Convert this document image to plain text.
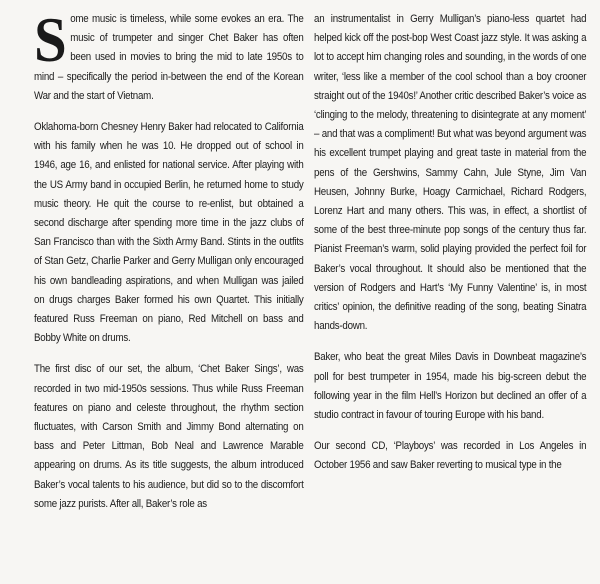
Some music is timeless, while some evokes an era. The music of trumpeter and singer Chet Baker has often been used in movies to bring the mid to late 1950s to mind – specifically the period in-between the end of the Korean War and the start of Vietnam.

Oklahoma-born Chesney Henry Baker had relocated to California with his family when he was 10. He dropped out of school in 1946, age 16, and enlisted for national service. After playing with the US Army band in occupied Berlin, he returned home to study music theory. He quit the course to re-enlist, but obtained a second discharge after spending more time in the jazz clubs of San Francisco than with the Sixth Army Band. Stints in the outfits of Stan Getz, Charlie Parker and Gerry Mulligan only encouraged his own bandleading aspirations, and when Mulligan was jailed on drugs charges Baker formed his own Quartet. This initially featured Russ Freeman on piano, Red Mitchell on bass and Bobby White on drums.

The first disc of our set, the album, ‘Chet Baker Sings’, was recorded in two mid-1950s sessions. Thus while Russ Freeman features on piano and celeste throughout, the rhythm section fluctuates, with Carson Smith and Jimmy Bond alternating on bass and Peter Littman, Bob Neal and Lawrence Marable appearing on drums. As its title suggests, the album introduced Baker’s vocal talents to his audience, but did so to the discomfort some jazz purists. After all, Baker’s role as

an instrumentalist in Gerry Mulligan’s piano-less quartet had helped kick off the post-bop West Coast jazz style. It was asking a lot to accept him changing roles and sounding, in the words of one writer, ‘less like a member of the cool school than a boy crooner straight out of the 1940s!’ Another critic described Baker’s voice as ‘clinging to the melody, threatening to disintegrate at any moment’ – and that was a compliment! But what was beyond argument was his excellent trumpet playing and great taste in material from the pens of the Gershwins, Sammy Cahn, Jule Styne, Jim Van Heusen, Johnny Burke, Hoagy Carmichael, Richard Rodgers, Lorenz Hart and many others. This was, in effect, a shortlist of some of the best three-minute pop songs of the century thus far. Pianist Freeman’s warm, solid playing provided the perfect foil for Baker’s vocal throughout. It should also be mentioned that the version of Rodgers and Hart’s ‘My Funny Valentine’ is, in most critics’ opinion, the definitive reading of the song, beating Sinatra hands-down.

Baker, who beat the great Miles Davis in Downbeat magazine’s poll for best trumpeter in 1954, made his big-screen debut the following year in the film Hell’s Horizon but declined an offer of a studio contract in favour of touring Europe with his band.

Our second CD, ‘Playboys’ was recorded in Los Angeles in October 1956 and saw Baker reverting to musical type in the
